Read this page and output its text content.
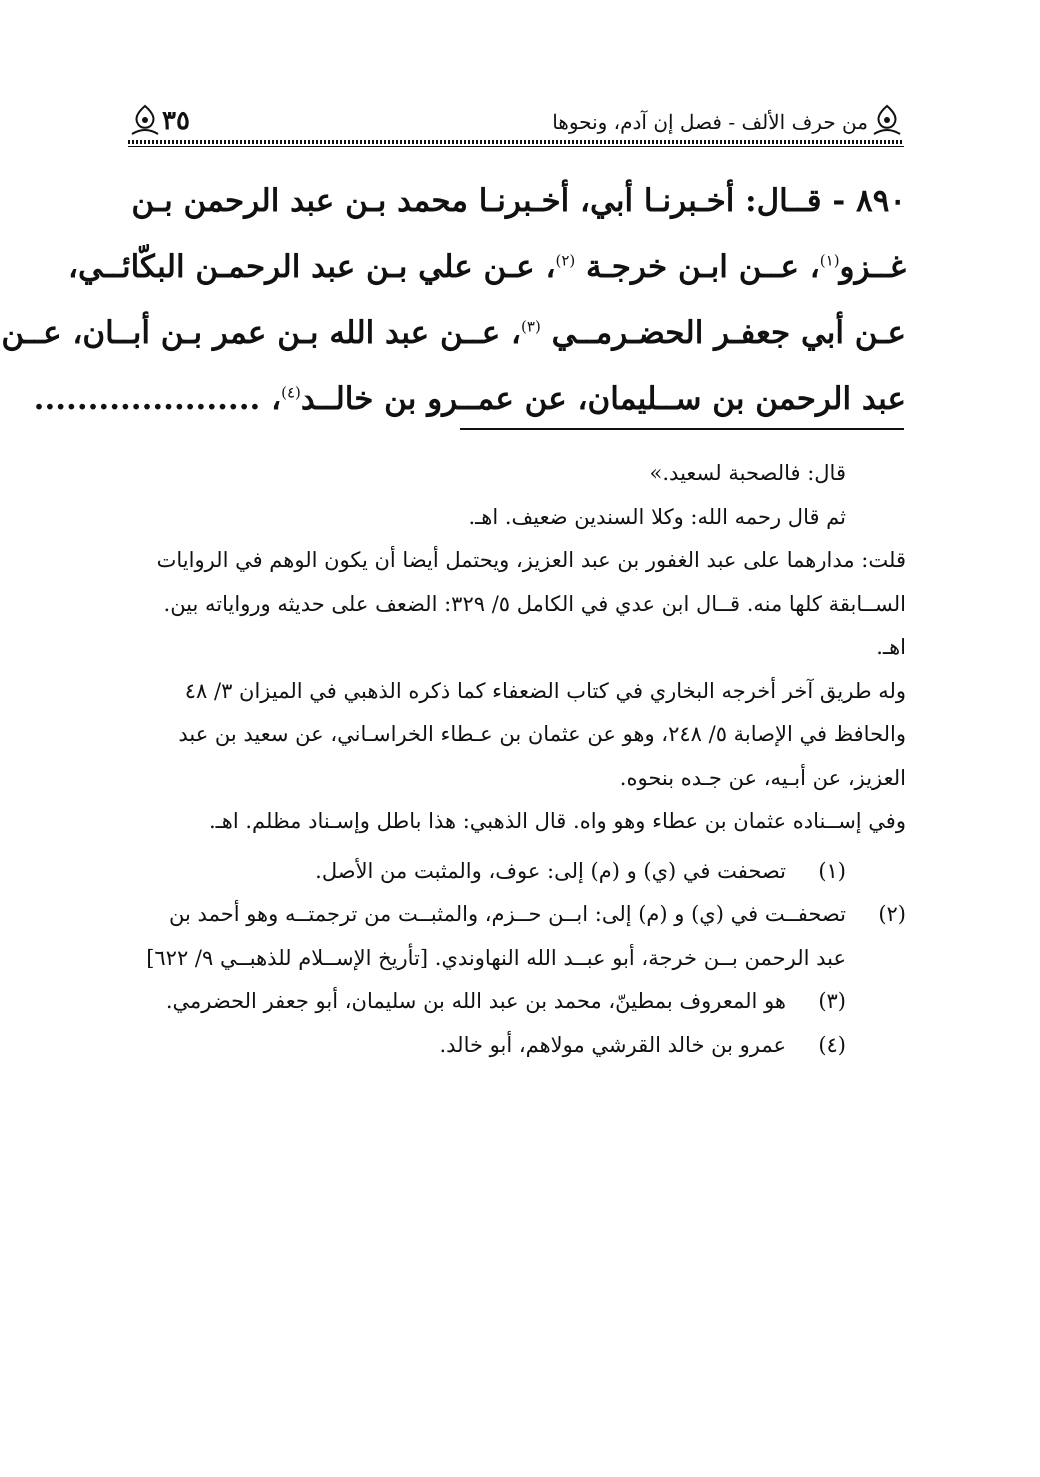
من حرف الألف - فصل إن آدم، ونحوها
٣٥
٨٩٠ - قــال: أخـبرنـا أبي، أخـبرنـا محمد بـن عبد الرحمن بـن
غــزو$^{(١)}$، عــن ابـن خرجـة $^{(٢)}$، عـن علي بـن عبد الرحمـن البكّائــي،
عـن أبي جعفـر الحضـرمــي $^{(٣)}$، عــن عبد الله بـن عمر بـن أبــان، عــن
عبد الرحمن بن ســليمان، عن عمــرو بن خالــد$^{(٤)}$، .....................

قال: فالصحبة لسعيد.»

ثم قال رحمه الله: وكلا السندين ضعيف. اهـ.

قلت: مدارهما على عبد الغفور بن عبد العزيز، ويحتمل أيضا أن يكون الوهم في الروايات الســابقة كلها منه. قــال ابن عدي في الكامل ٥/ ٣٢٩: الضعف على حديثه ورواياته بين. اهـ.

وله طريق آخر أخرجه البخاري في كتاب الضعفاء كما ذكره الذهبي في الميزان ٣/ ٤٨ والحافظ في الإصابة ٥/ ٢٤٨، وهو عن عثمان بن عـطاء الخراسـاني، عن سعيد بن عبد العزيز، عن أبـيه، عن جـده بنحوه.

وفي إســناده عثمان بن عطاء وهو واه. قال الذهبي: هذا باطل وإسـناد مظلم. اهـ.

(١)
تصحفت في (ي) و (م) إلى: عوف، والمثبت من الأصل.
(٢)
تصحفــت في (ي) و (م) إلى: ابــن حــزم، والمثبــت من ترجمتــه وهو أحمد بن عبد الرحمن بــن خرجة، أبو عبــد الله النهاوندي. [تأريخ الإســلام للذهبــي ٩/ ٦٢٢]
(٣)
هو المعروف بمطينّ، محمد بن عبد الله بن سليمان، أبو جعفر الحضرمي.
(٤)
عمرو بن خالد القرشي مولاهم، أبو خالد.
